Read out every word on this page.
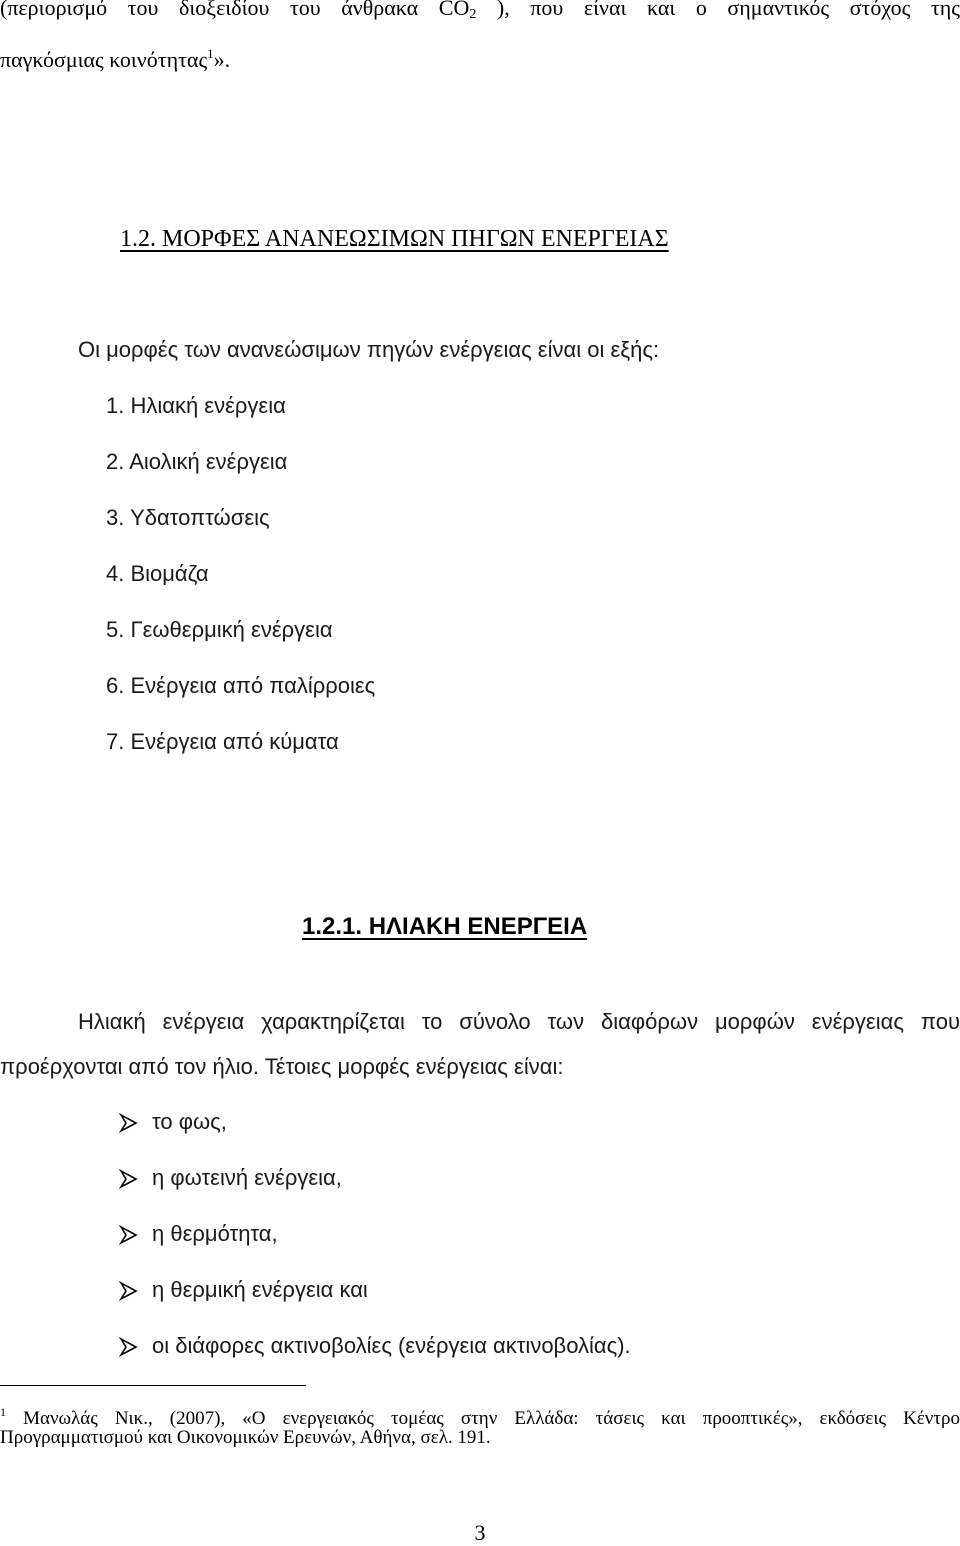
(περιορισμό του διοξειδίου του άνθρακα $CO_2$ ), που είναι και ο σημαντικός στόχος της
παγκόσμιας κοινότητας$^1$».
1.2. ΜΟΡΦΕΣ ΑΝΑΝΕΩΣΙΜΩΝ ΠΗΓΩΝ ΕΝΕΡΓΕΙΑΣ
Οι μορφές των ανανεώσιμων πηγών ενέργειας είναι οι εξής:
1. Ηλιακή ενέργεια
2. Αιολική ενέργεια
3. Υδατοπτώσεις
4. Βιομάζα
5. Γεωθερμική ενέργεια
6. Ενέργεια από παλίρροιες
7. Ενέργεια από κύματα
1.2.1. ΗΛΙΑΚΗ ΕΝΕΡΓΕΙΑ
Ηλιακή ενέργεια χαρακτηρίζεται το σύνολο των διαφόρων μορφών ενέργειας που
προέρχονται από τον ήλιο. Τέτοιες μορφές ενέργειας είναι:
το φως,
η φωτεινή ενέργεια,
η θερμότητα,
η θερμική ενέργεια και
οι διάφορες ακτινοβολίες (ενέργεια ακτινοβολίας).
$^1$ Μανωλάς Νικ., (2007), «Ο ενεργειακός τομέας στην Ελλάδα: τάσεις και προοπτικές», εκδόσεις Κέντρο
Προγραμματισμού και Οικονομικών Ερευνών, Αθήνα, σελ. 191.
3
